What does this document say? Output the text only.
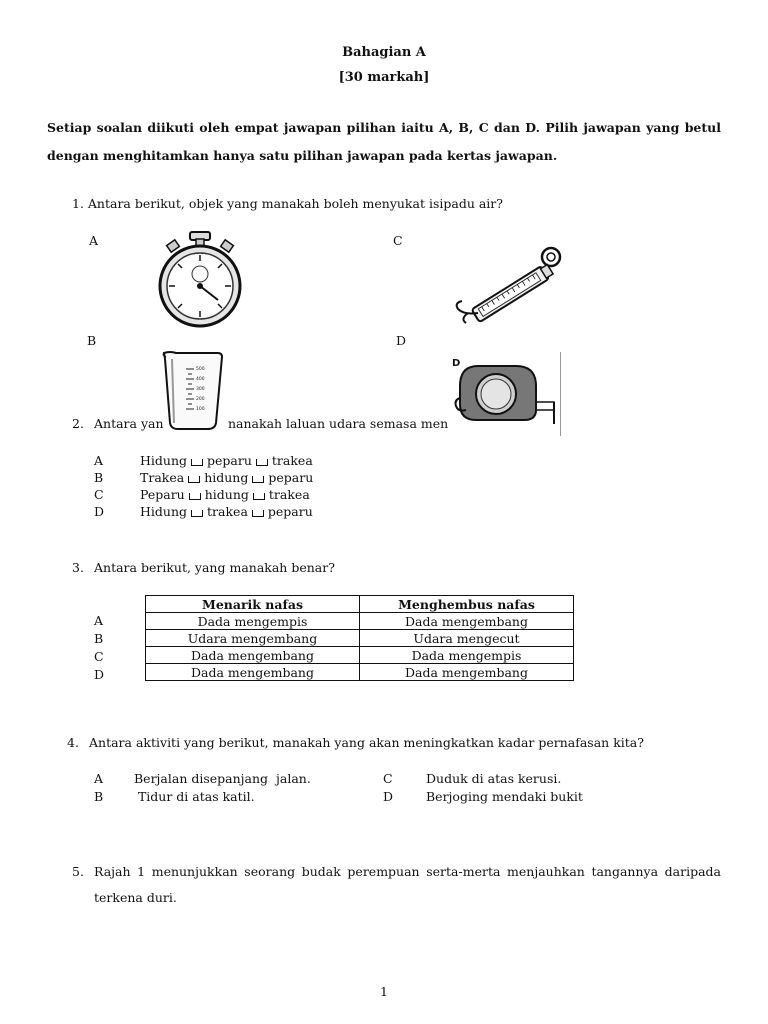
Bahagian A
[30 markah]
Setiap soalan diikuti oleh empat jawapan pilihan iaitu A, B, C dan D. Pilih jawapan yang betul dengan menghitamkan hanya satu pilihan jawapan pada kertas jawapan.
1. Antara berikut, objek yang manakah boleh menyukat isipadu air?
A	C
B	D
500
400
300
200
100
D
2. Antara yan	nanakah laluan udara semasa men
A	Hidung peparu trakea
B	Trakea hidung peparu
C	Peparu hidung trakea
D	Hidung trakea peparu
3. Antara berikut, yang manakah benar?
A
B
C
D
Menarik nafas	Menghembus nafas
Dada mengempis	Dada mengembang
Udara mengembang	Udara mengecut
Dada mengembang	Dada mengempis
Dada mengembang	Dada mengembang
4. Antara aktiviti yang berikut, manakah yang akan meningkatkan kadar pernafasan kita?
A Berjalan disepanjang  jalan.
B Tidur di atas katil.
C	Duduk di atas kerusi.
D	Berjoging mendaki bukit
5. Rajah 1 menunjukkan seorang budak perempuan serta-merta menjauhkan tangannya daripada
terkena duri.
1
